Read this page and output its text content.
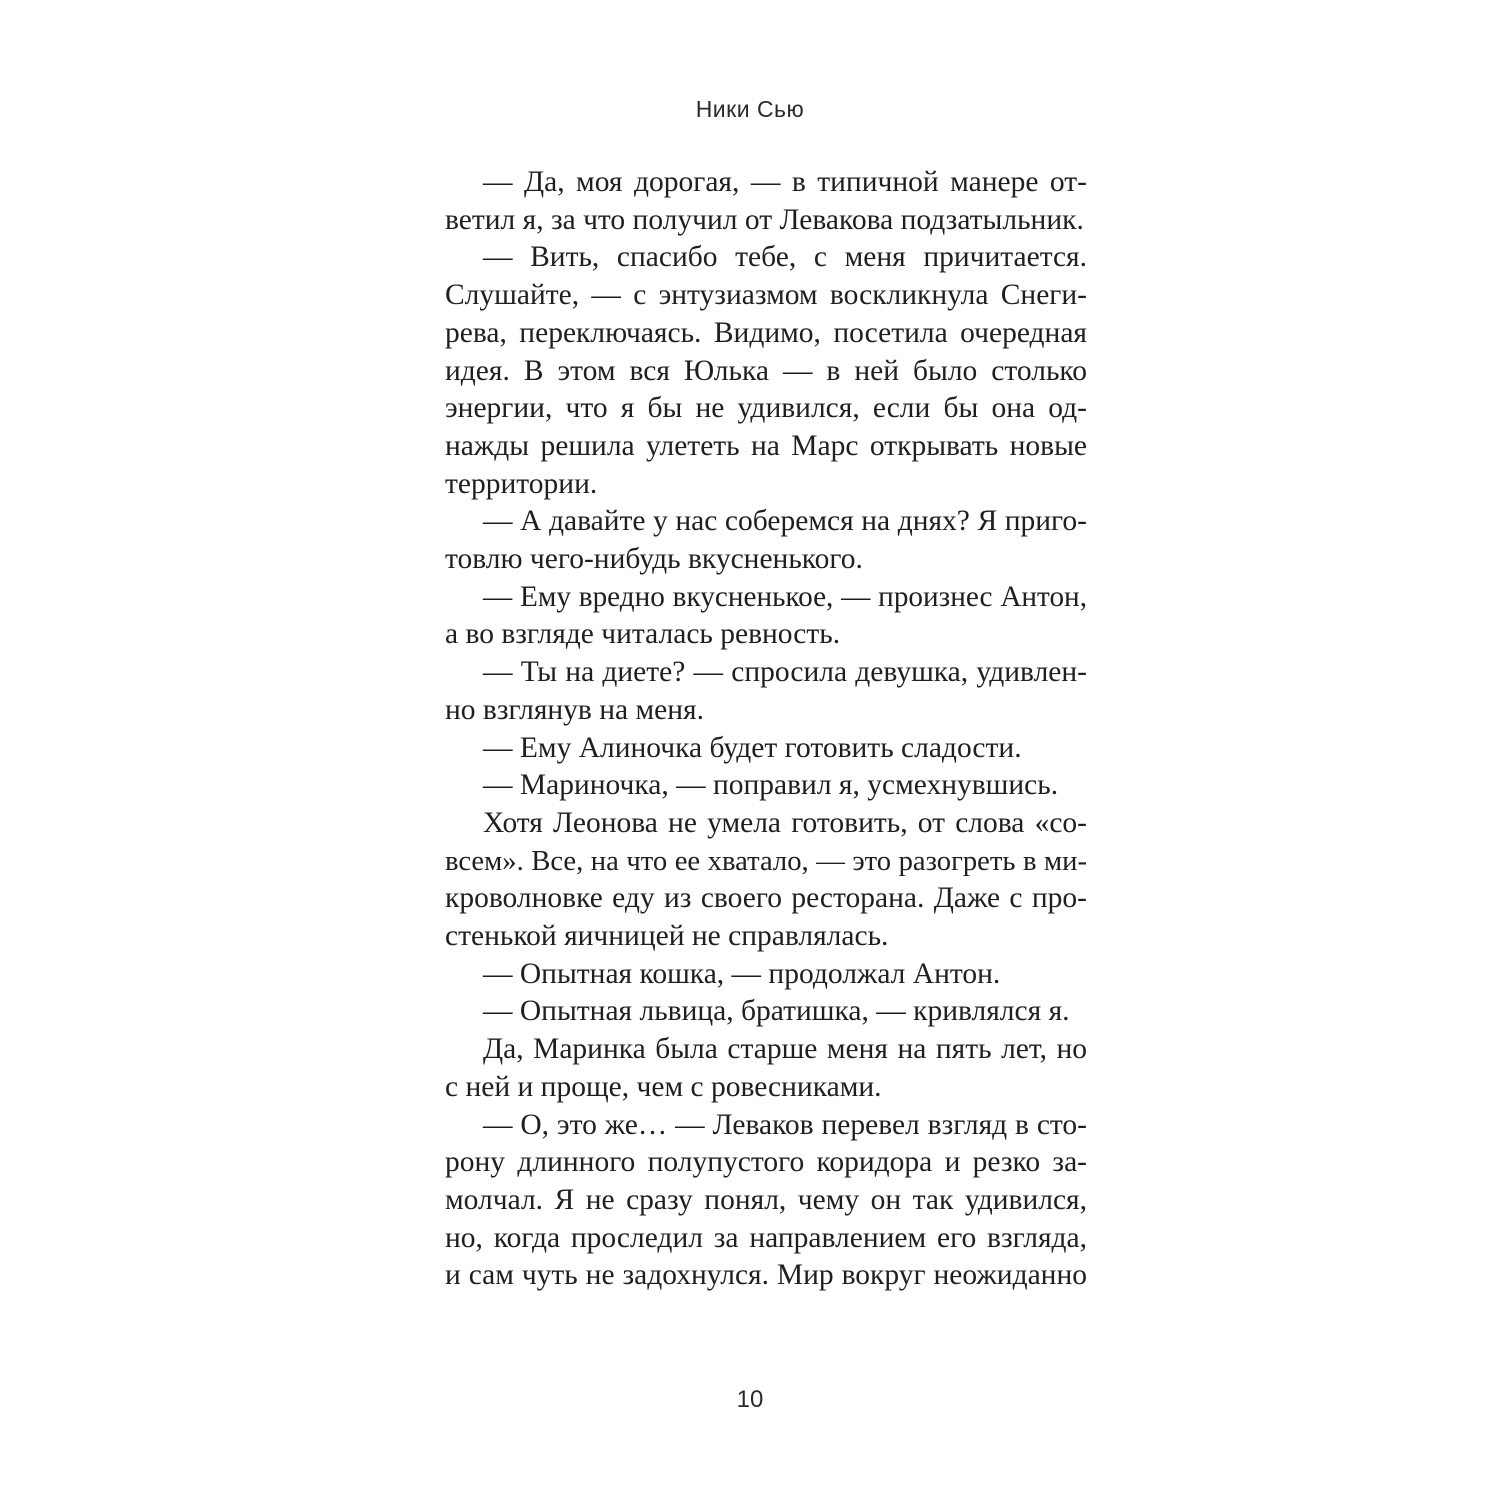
Ники Сью
— Да, моя дорогая, — в типичной манере от-
ветил я, за что получил от Левакова подзатыльник.
— Вить, спасибо тебе, с меня причитается.
Слушайте, — с энтузиазмом воскликнула Снеги-
рева, переключаясь. Видимо, посетила очередная
идея. В этом вся Юлька — в ней было столько
энергии, что я бы не удивился, если бы она од-
нажды решила улететь на Марс открывать новые
территории.
— А давайте у нас соберемся на днях? Я приго-
товлю чего-нибудь вкусненького.
— Ему вредно вкусненькое, — произнес Антон,
а во взгляде читалась ревность.
— Ты на диете? — спросила девушка, удивлен-
но взглянув на меня.
— Ему Алиночка будет готовить сладости.
— Мариночка, — поправил я, усмехнувшись.
Хотя Леонова не умела готовить, от слова «со-
всем». Все, на что ее хватало, — это разогреть в ми-
кроволновке еду из своего ресторана. Даже с про-
стенькой яичницей не справлялась.
— Опытная кошка, — продолжал Антон.
— Опытная львица, братишка, — кривлялся я.
Да, Маринка была старше меня на пять лет, но
с ней и проще, чем с ровесниками.
— О, это же… — Леваков перевел взгляд в сто-
рону длинного полупустого коридора и резко за-
молчал. Я не сразу понял, чему он так удивился,
но, когда проследил за направлением его взгляда,
и сам чуть не задохнулся. Мир вокруг неожиданно
10
